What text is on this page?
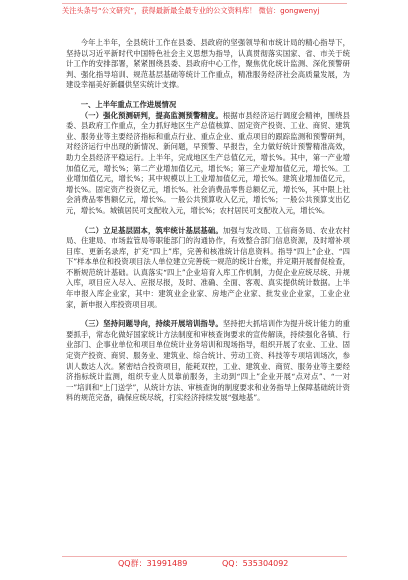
关注头条号“公文研究”，获得最新最全最专业的公文资料库！ 微信：gongwenyj

今年上半年，全县统计工作在县委、县政府的坚强领导和市统计局的精心指导下，坚持以习近平新时代中国特色社会主义思想为指导，认真贯彻落实国家、省、市关于统计工作的安排部署，紧紧围绕县委、县政府中心工作，聚焦优化统计监测、深化预警研判、强化指导培训、规范基层基础等统计工作重点，精准服务经济社会高质量发展，为建设幸福美好新疆供坚实统计支撑。

一、上半年重点工作进展情况

（一）强化预测研判，提高监测预警精度。根据市县经济运行调度会精神，围绕县委、县政府工作重点，全力抓好地区生产总值核算、固定资产投资、工业、商贸、建筑业、服务业等主要经济指标和重点行业、重点企业、重点项目的跟踪监测和预警研判，对经济运行中出现的新情况、新问题，早预警、早报告，全力做好统计预警精准高效，助力全县经济平稳运行。上半年，完成地区生产总值亿元，增长%。其中，第一产业增加值亿元，增长%；第二产业增加值亿元，增长%；第三产业增加值亿元，增长%。工业增加值亿元，增长%；其中规模以上工业增加值亿元，增长%。建筑业增加值亿元，增长%。固定资产投资亿元，增长%。社会消费品零售总额亿元，增长%，其中限上社会消费品零售额亿元，增长%。一般公共预算收入亿元，增长%；一般公共预算支出亿元，增长%。城镇居民可支配收入元，增长%；农村居民可支配收入元，增长%。

（二）立足基层固本，筑牢统计基层基础。加强与发改局、工信商务局、农业农村局、住建局、市场监管局等职能部门的沟通协作，有效整合部门信息资源，及时增补项目库、更新名录库，扩充“四上”库，完善和核准统计信息资料。指导“四上”企业、“四下”样本单位和投资项目法人单位建立完善统一规范的统计台账，并定期开展督促检查，不断规范统计基础。认真落实“四上”企业培育入库工作机制，力促企业应统尽统、升规入库，项目应入尽入、应报尽报，及时、准确、全面、客观、真实提供统计数据。上半年申报入库企业家，其中：建筑业企业家、房地产企业家、批发业企业家，工业企业家，新申报入库投资项目项。

（三）坚持问题导向，持续开展培训指导。坚持把大抓培训作为提升统计能力的重要抓手，常态化做好国家统计方法制度和审核查询要求的宣传解读，持续强化各镇、行业部门、企事业单位和项目单位统计业务培训和现场指导，组织开展了农业、工业、固定资产投资、商贸、服务业、建筑业、综合统计、劳动工资、科技等专项培训场次，参训人数达人次。紧密结合投资项目，能耗双控，工业、建筑业、商贸、服务业等主要经济指标统计监测，组织专业人员靠前服务，主动到“四上”企业开展“点对点”、“一对一”培训和“上门送学”，从统计方法、审核查询的制度要求和业务指导上保障基础统计资料的规范完备，确保应统尽统，打实经济持续发展“强地基”。

QQ群：31991489	QQ：535304092
